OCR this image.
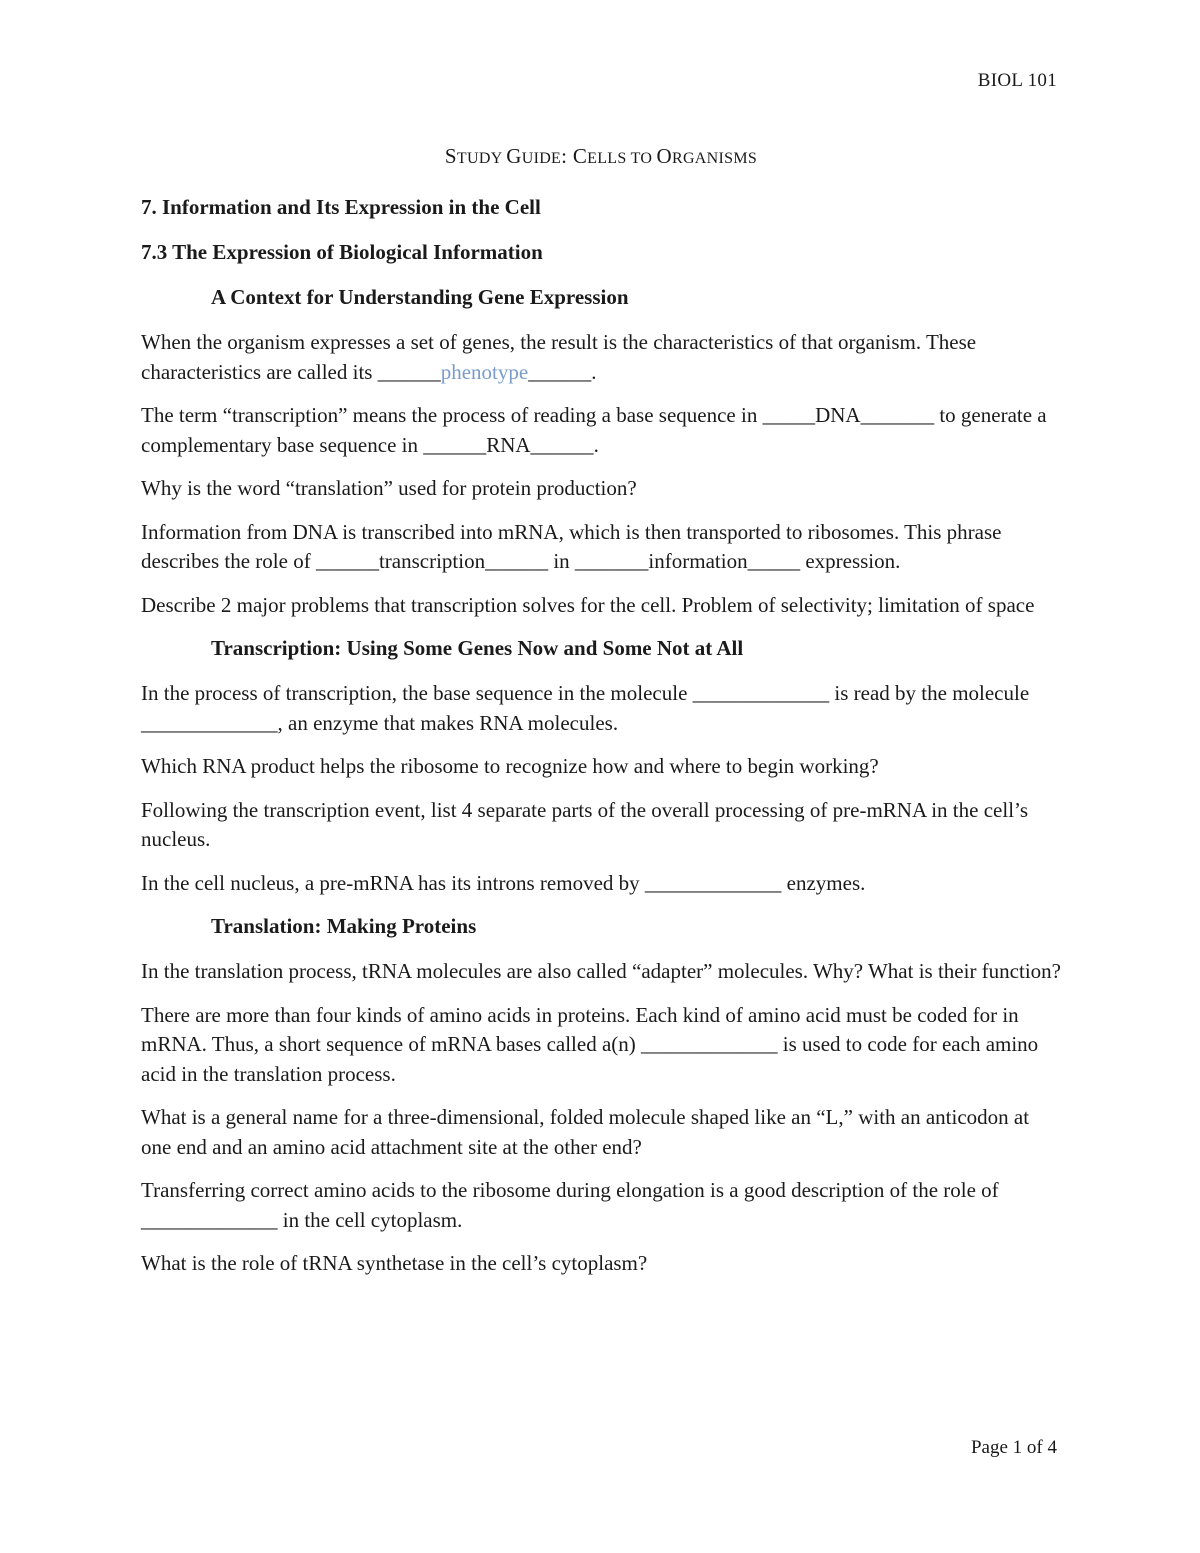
BIOL 101
STUDY GUIDE: CELLS TO ORGANISMS
7. Information and Its Expression in the Cell
7.3 The Expression of Biological Information
A Context for Understanding Gene Expression

When the organism expresses a set of genes, the result is the characteristics of that organism. These characteristics are called its ______phenotype______.

The term “transcription” means the process of reading a base sequence in _____DNA_______ to generate a complementary base sequence in ______RNA______.

Why is the word “translation” used for protein production?

Information from DNA is transcribed into mRNA, which is then transported to ribosomes. This phrase describes the role of ______transcription______ in _______information_____ expression.

Describe 2 major problems that transcription solves for the cell. Problem of selectivity; limitation of space

Transcription: Using Some Genes Now and Some Not at All

In the process of transcription, the base sequence in the molecule _____________ is read by the molecule _____________, an enzyme that makes RNA molecules.

Which RNA product helps the ribosome to recognize how and where to begin working?

Following the transcription event, list 4 separate parts of the overall processing of pre-mRNA in the cell’s nucleus.

In the cell nucleus, a pre-mRNA has its introns removed by _____________ enzymes.

Translation: Making Proteins

In the translation process, tRNA molecules are also called “adapter” molecules. Why? What is their function?

There are more than four kinds of amino acids in proteins. Each kind of amino acid must be coded for in mRNA. Thus, a short sequence of mRNA bases called a(n) _____________ is used to code for each amino acid in the translation process.

What is a general name for a three-dimensional, folded molecule shaped like an “L,” with an anticodon at one end and an amino acid attachment site at the other end?

Transferring correct amino acids to the ribosome during elongation is a good description of the role of _____________ in the cell cytoplasm.

What is the role of tRNA synthetase in the cell’s cytoplasm?

Page 1 of 4
